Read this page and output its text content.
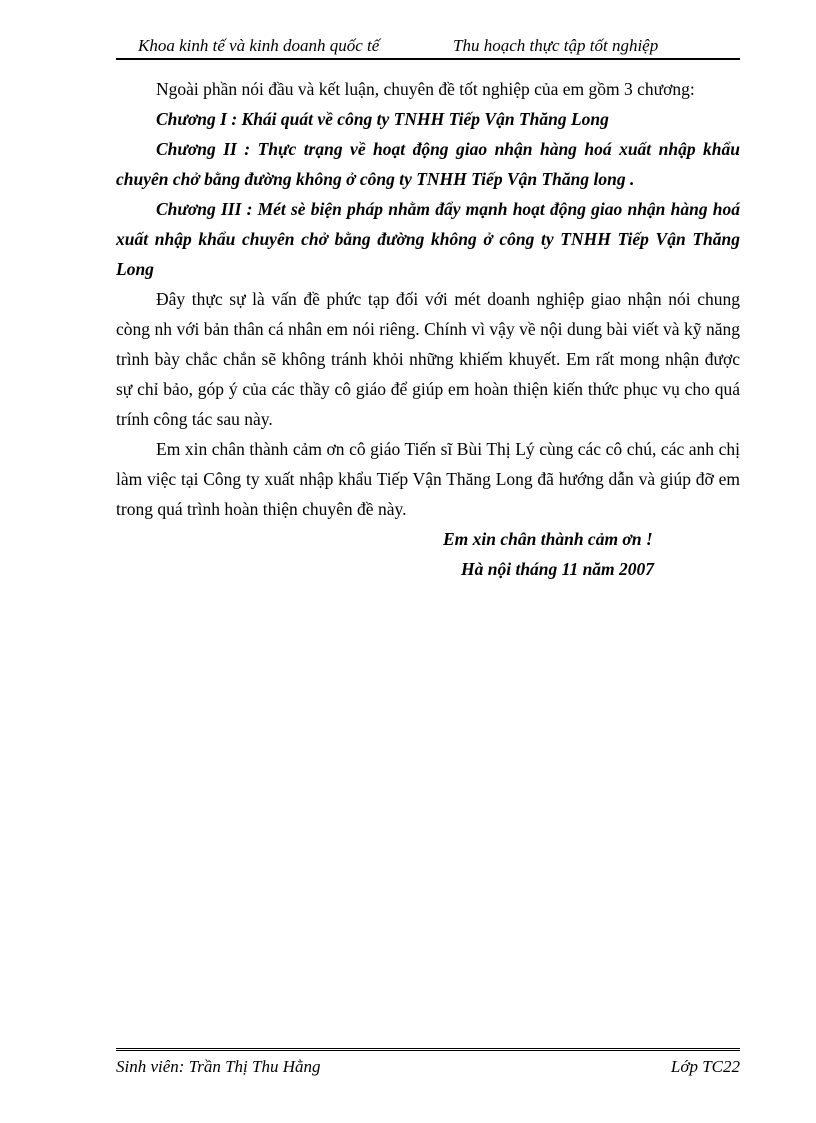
Khoa kinh tế và kinh doanh quốc tế	Thu hoạch thực tập tốt nghiệp

Ngoài phần nói đầu và kết luận, chuyên đề tốt nghiệp của em gồm 3 chương:

Chương I : Khái quát về công ty TNHH Tiếp Vận Thăng Long

Chương II : Thực trạng về hoạt động giao nhận hàng hoá xuất nhập khẩu chuyên chở bằng đường không ở công ty TNHH Tiếp Vận Thăng long .

Chương III : Mét sè biện pháp nhằm đẩy mạnh hoạt động giao nhận hàng hoá xuất nhập khẩu chuyên chở bằng đường không ở công ty TNHH Tiếp Vận Thăng Long

Đây thực sự là vấn đề phức tạp đối với mét doanh nghiệp giao nhận nói chung còng nh với bản thân cá nhân em nói riêng. Chính vì vậy về nội dung bài viết và kỹ năng trình bày chắc chắn sẽ không tránh khỏi những khiếm khuyết. Em rất mong nhận được sự chỉ bảo, góp ý của các thầy cô giáo để giúp em hoàn thiện kiến thức phục vụ cho quá trính công tác sau này.

Em xin chân thành cảm ơn cô giáo Tiến sĩ Bùi Thị Lý cùng các cô chú, các anh chị làm việc tại Công ty xuất nhập khẩu Tiếp Vận Thăng Long đã hướng dẫn và giúp đỡ em trong quá trình hoàn thiện chuyên đề này.

Em xin chân thành cảm ơn !

Hà nội tháng 11 năm 2007

Sinh viên: Trần Thị Thu Hằng	Lớp TC22
